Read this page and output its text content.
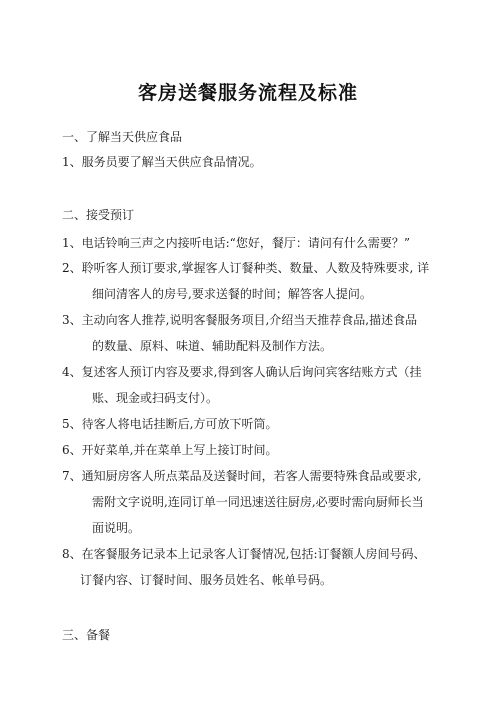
客房送餐服务流程及标准
一、了解当天供应食品
1、服务员要了解当天供应食品情况。
二、接受预订
1、电话铃响三声之内接听电话:“您好，餐厅：请问有什么需要？”
2、聆听客人预订要求,掌握客人订餐种类、数量、人数及特殊要求, 详
细问清客人的房号,要求送餐的时间；解答客人提问。
3、主动向客人推荐,说明客餐服务项目,介绍当天推荐食品,描述食品
的数量、原料、味道、辅助配料及制作方法。
4、复述客人预订内容及要求,得到客人确认后询问宾客结账方式（挂
账、现金或扫码支付）。
5、待客人将电话挂断后,方可放下听筒。
6、开好菜单,并在菜单上写上接订时间。
7、通知厨房客人所点菜品及送餐时间，若客人需要特殊食品或要求,
需附文字说明,连同订单一同迅速送往厨房,必要时需向厨师长当
面说明。
8、在客餐服务记录本上记录客人订餐情况,包括:订餐额人房间号码、
订餐内容、订餐时间、服务员姓名、帐单号码。
三、备餐
